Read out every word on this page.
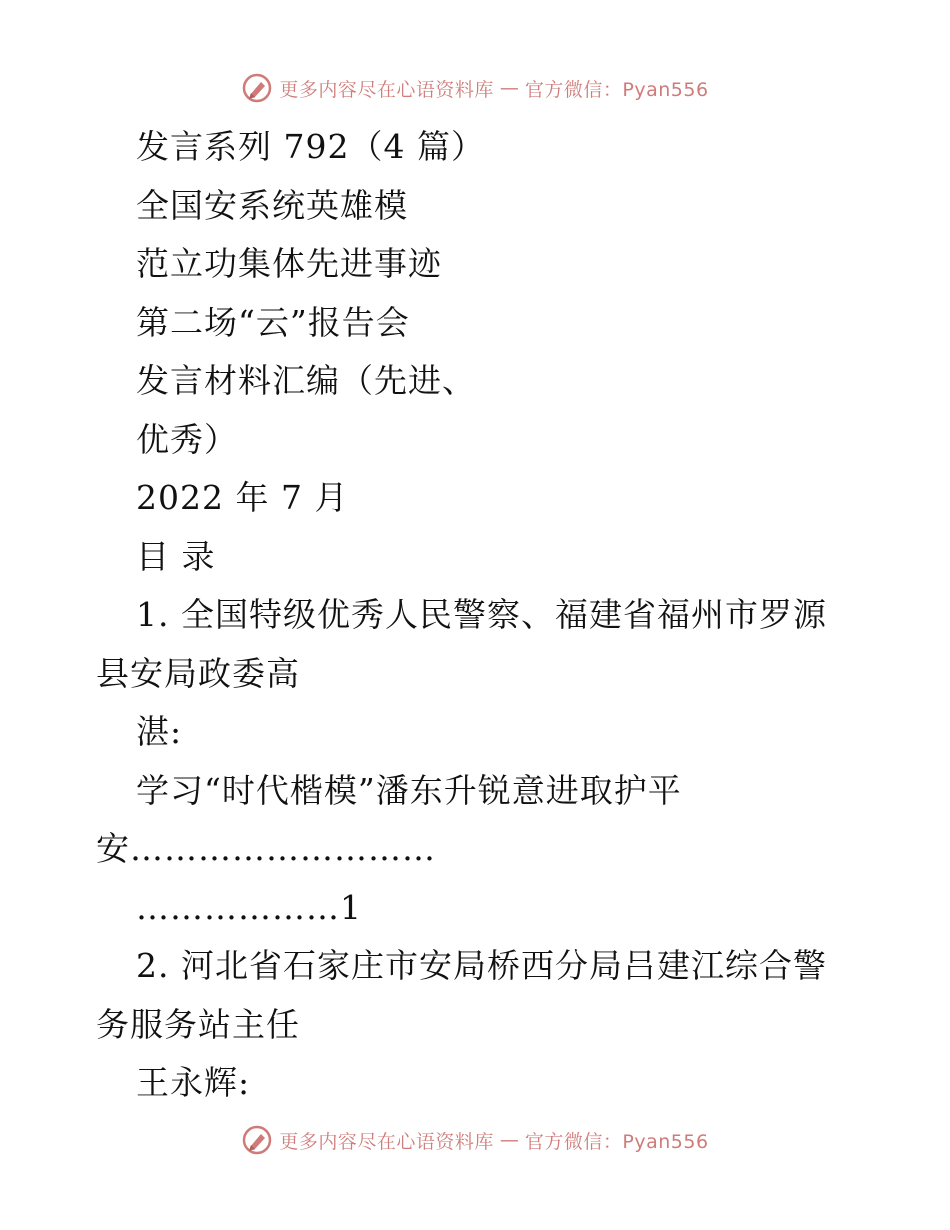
更多内容尽在心语资料库 — 官方微信：Pyan556
发言系列 792（4 篇）
全国安系统英雄模
范立功集体先进事迹
第二场“云”报告会
发言材料汇编（先进、
优秀）
2022 年 7 月
目 录
1. 全国特级优秀人民警察、福建省福州市罗源
县安局政委高
湛:
学习“时代楷模”潘东升锐意进取护平
安………………………
………………1
2. 河北省石家庄市安局桥西分局吕建江综合警
务服务站主任
王永辉:
更多内容尽在心语资料库 — 官方微信：Pyan556
